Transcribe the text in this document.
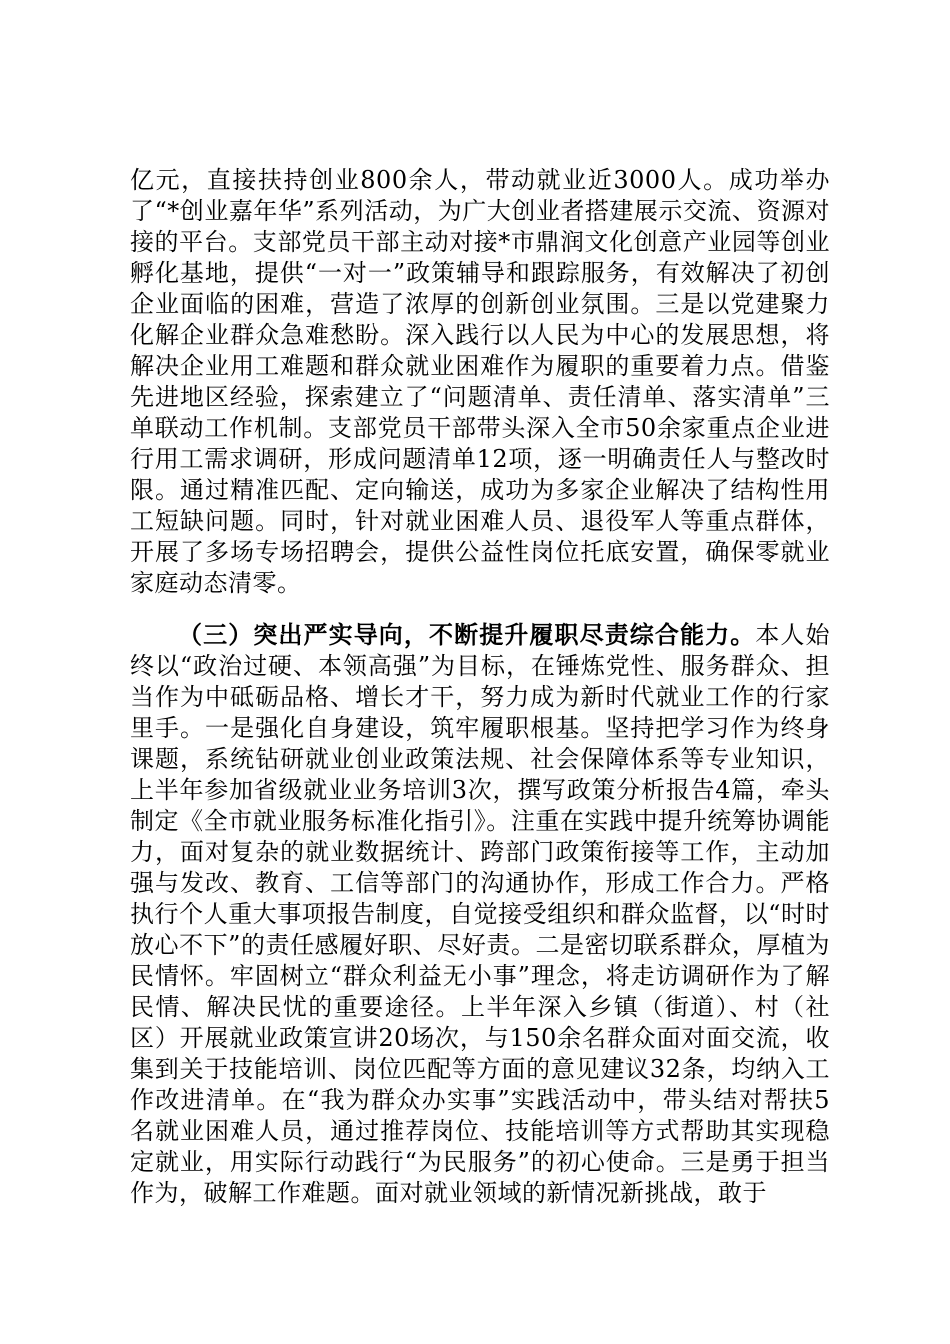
亿元，直接扶持创业800余人，带动就业近3000人。成功举办了“*创业嘉年华”系列活动，为广大创业者搭建展示交流、资源对接的平台。支部党员干部主动对接*市鼎润文化创意产业园等创业孵化基地，提供“一对一”政策辅导和跟踪服务，有效解决了初创企业面临的困难，营造了浓厚的创新创业氛围。三是以党建聚力化解企业群众急难愁盼。深入践行以人民为中心的发展思想，将解决企业用工难题和群众就业困难作为履职的重要着力点。借鉴先进地区经验，探索建立了“问题清单、责任清单、落实清单”三单联动工作机制。支部党员干部带头深入全市50余家重点企业进行用工需求调研，形成问题清单12项，逐一明确责任人与整改时限。通过精准匹配、定向输送，成功为多家企业解决了结构性用工短缺问题。同时，针对就业困难人员、退役军人等重点群体，开展了多场专场招聘会，提供公益性岗位托底安置，确保零就业家庭动态清零。

（三）突出严实导向，不断提升履职尽责综合能力。本人始终以“政治过硬、本领高强”为目标，在锤炼党性、服务群众、担当作为中砥砺品格、增长才干，努力成为新时代就业工作的行家里手。一是强化自身建设，筑牢履职根基。坚持把学习作为终身课题，系统钻研就业创业政策法规、社会保障体系等专业知识，上半年参加省级就业业务培训3次，撰写政策分析报告4篇，牵头制定《全市就业服务标准化指引》。注重在实践中提升统筹协调能力，面对复杂的就业数据统计、跨部门政策衔接等工作，主动加强与发改、教育、工信等部门的沟通协作，形成工作合力。严格执行个人重大事项报告制度，自觉接受组织和群众监督，以“时时放心不下”的责任感履好职、尽好责。二是密切联系群众，厚植为民情怀。牢固树立“群众利益无小事”理念，将走访调研作为了解民情、解决民忧的重要途径。上半年深入乡镇（街道）、村（社区）开展就业政策宣讲20场次，与150余名群众面对面交流，收集到关于技能培训、岗位匹配等方面的意见建议32条，均纳入工作改进清单。在“我为群众办实事”实践活动中，带头结对帮扶5名就业困难人员，通过推荐岗位、技能培训等方式帮助其实现稳定就业，用实际行动践行“为民服务”的初心使命。三是勇于担当作为，破解工作难题。面对就业领域的新情况新挑战，敢于
